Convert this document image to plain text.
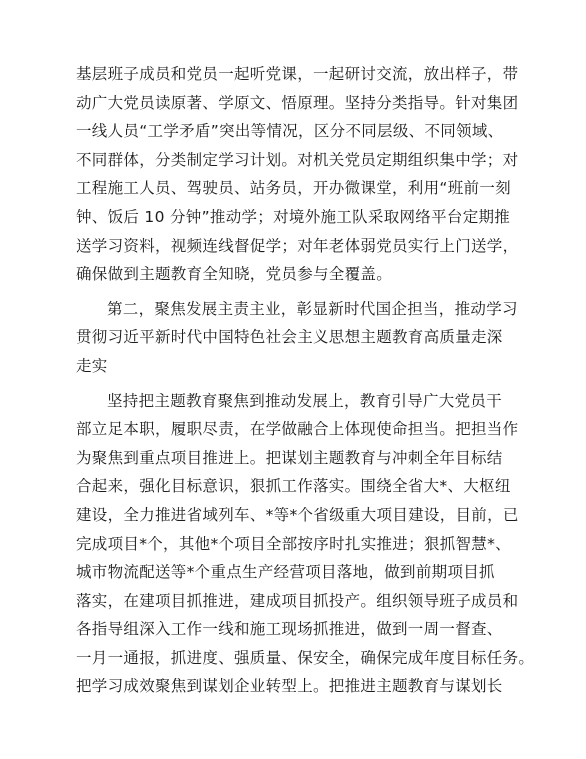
基层班子成员和党员一起听党课，一起研讨交流，放出样子，带
动广大党员读原著、学原文、悟原理。坚持分类指导。针对集团
一线人员“工学矛盾”突出等情况，区分不同层级、不同领域、
不同群体，分类制定学习计划。对机关党员定期组织集中学；对
工程施工人员、驾驶员、站务员，开办微课堂，利用“班前一刻
钟、饭后 10 分钟”推动学；对境外施工队采取网络平台定期推
送学习资料，视频连线督促学；对年老体弱党员实行上门送学，
确保做到主题教育全知晓，党员参与全覆盖。
第二，聚焦发展主责主业，彰显新时代国企担当，推动学习
贯彻习近平新时代中国特色社会主义思想主题教育高质量走深
走实
坚持把主题教育聚焦到推动发展上，教育引导广大党员干
部立足本职，履职尽责，在学做融合上体现使命担当。把担当作
为聚焦到重点项目推进上。把谋划主题教育与冲刺全年目标结
合起来，强化目标意识，狠抓工作落实。围绕全省大*、大枢纽
建设，全力推进省域列车、*等*个省级重大项目建设，目前，已
完成项目*个，其他*个项目全部按序时扎实推进；狠抓智慧*、
城市物流配送等*个重点生产经营项目落地，做到前期项目抓
落实，在建项目抓推进，建成项目抓投产。组织领导班子成员和
各指导组深入工作一线和施工现场抓推进，做到一周一督查、
一月一通报，抓进度、强质量、保安全，确保完成年度目标任务。
把学习成效聚焦到谋划企业转型上。把推进主题教育与谋划长
